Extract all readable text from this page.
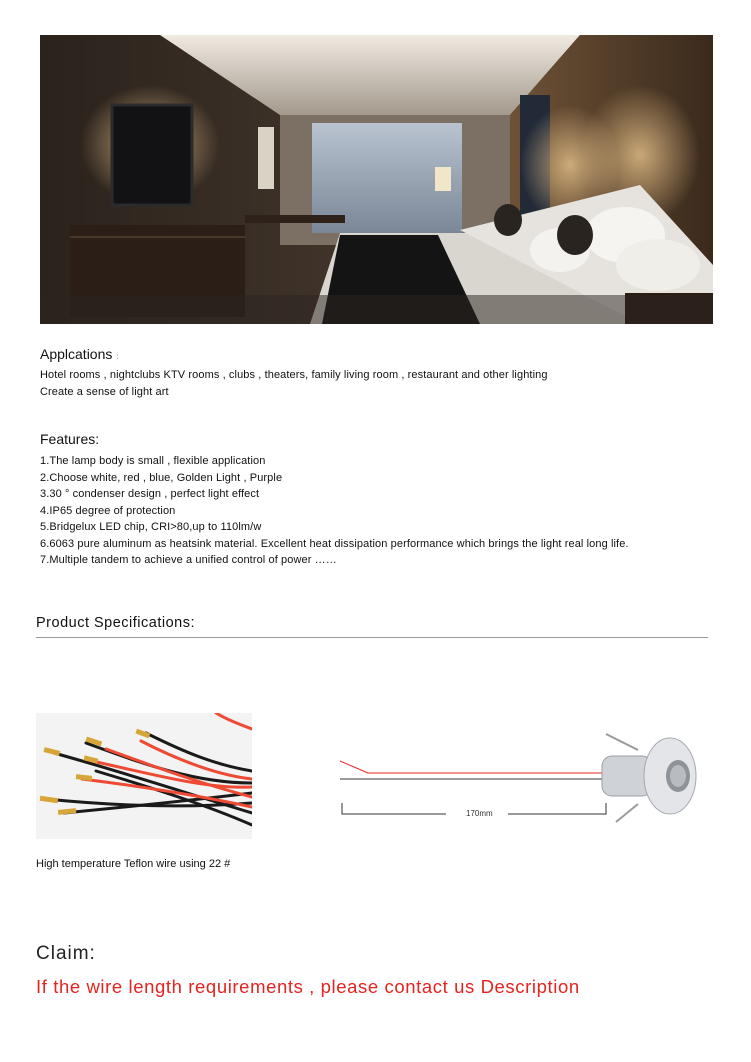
Applcations :
Hotel rooms , nightclubs KTV rooms , clubs , theaters, family living room , restaurant and other lighting
Create a sense of light art
Features:
1.The lamp body is small , flexible application
2.Choose white, red , blue, Golden Light , Purple
3.30 ° condenser design , perfect light effect
4.IP65 degree of protection
5.Bridgelux LED chip, CRI>80,up to 110lm/w
6.6063 pure aluminum as heatsink material. Excellent heat dissipation performance which brings the light real long life.
7.Multiple tandem to achieve a unified control of power ……
Product Specifications:
High temperature Teflon wire using 22 #
170mm
Claim:
If the wire length requirements , please contact us Description
